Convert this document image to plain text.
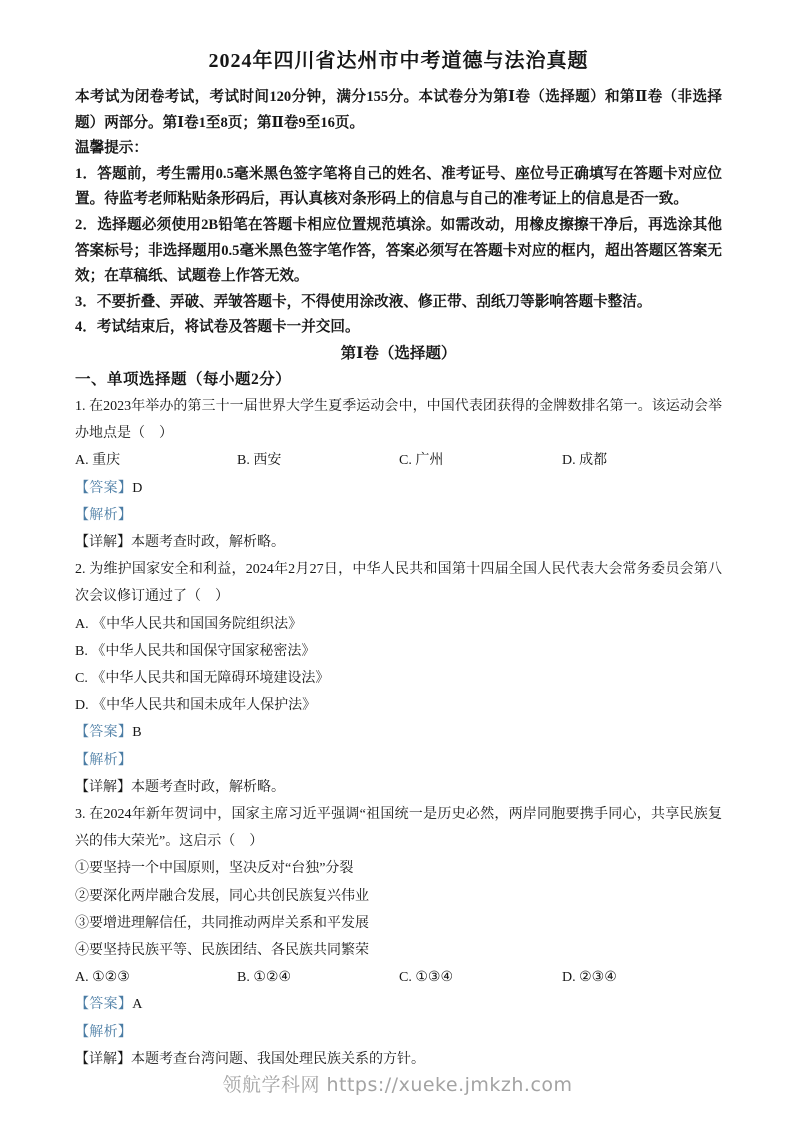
2024年四川省达州市中考道德与法治真题

本考试为闭卷考试，考试时间120分钟，满分155分。本试卷分为第Ⅰ卷（选择题）和第Ⅱ卷（非选择题）两部分。第Ⅰ卷1至8页；第Ⅱ卷9至16页。

温馨提示：

1．答题前，考生需用0.5毫米黑色签字笔将自己的姓名、准考证号、座位号正确填写在答题卡对应位置。待监考老师粘贴条形码后，再认真核对条形码上的信息与自己的准考证上的信息是否一致。

2．选择题必须使用2B铅笔在答题卡相应位置规范填涂。如需改动，用橡皮擦擦干净后，再选涂其他答案标号；非选择题用0.5毫米黑色签字笔作答，答案必须写在答题卡对应的框内，超出答题区答案无效；在草稿纸、试题卷上作答无效。

3．不要折叠、弄破、弄皱答题卡，不得使用涂改液、修正带、刮纸刀等影响答题卡整洁。

4．考试结束后，将试卷及答题卡一并交回。

第Ⅰ卷（选择题）
一、单项选择题（每小题2分）

1. 在2023年举办的第三十一届世界大学生夏季运动会中，中国代表团获得的金牌数排名第一。该运动会举办地点是（　）

A. 重庆	B. 西安	C. 广州	D. 成都

【答案】D

【解析】

【详解】本题考查时政，解析略。

2. 为维护国家安全和利益，2024年2月27日，中华人民共和国第十四届全国人民代表大会常务委员会第八次会议修订通过了（　）

A. 《中华人民共和国国务院组织法》

B. 《中华人民共和国保守国家秘密法》

C. 《中华人民共和国无障碍环境建设法》

D. 《中华人民共和国未成年人保护法》

【答案】B

【解析】

【详解】本题考查时政，解析略。

3. 在2024年新年贺词中，国家主席习近平强调“祖国统一是历史必然，两岸同胞要携手同心，共享民族复兴的伟大荣光”。这启示（　）

①要坚持一个中国原则，坚决反对“台独”分裂

②要深化两岸融合发展，同心共创民族复兴伟业

③要增进理解信任，共同推动两岸关系和平发展

④要坚持民族平等、民族团结、各民族共同繁荣

A. ①②③	B. ①②④	C. ①③④	D. ②③④

【答案】A

【解析】

【详解】本题考查台湾问题、我国处理民族关系的方针。

领航学科网 https://xueke.jmkzh.com
